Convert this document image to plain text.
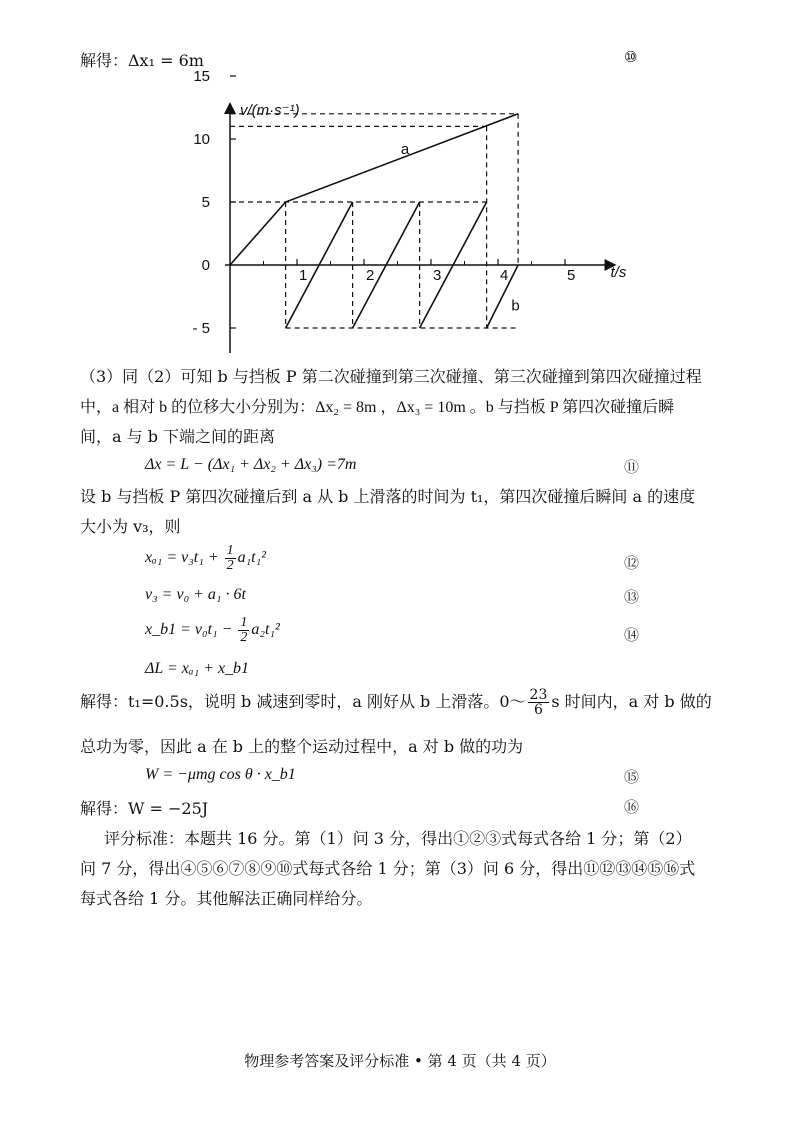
解得：Δx₁ = 6m	⑩
15
10
5
0
- 5
1	2	3	4	5
v/(m·s⁻¹)
t/s
a
b
（3）同（2）可知 b 与挡板 P 第二次碰撞到第三次碰撞、第三次碰撞到第四次碰撞过程
中，a 相对 b 的位移大小分别为：Δx₂ = 8m ，Δx₃ = 10m 。b 与挡板 P 第四次碰撞后瞬
间，a 与 b 下端之间的距离
Δx = L − (Δx₁ + Δx₂ + Δx₃) =7m	⑪
设 b 与挡板 P 第四次碰撞后到 a 从 b 上滑落的时间为 t₁，第四次碰撞后瞬间 a 的速度
大小为 v₃，则
$x_{a1} = v_3t_1 + \frac{1}{2} a_1t_1^2$	⑫
v₃ = v₀ + a₁ · 6t	⑬
x_b1 = $v_0t_1 - \frac{1}{2} a_2t_1^2$	⑭
ΔL = xₐ₁ + x_b1
解得：t₁=0.5s，说明 b 减速到零时，a 刚好从 b 上滑落。0～ $\frac{23}{6}$ s 时间内，a 对 b 做的
总功为零，因此 a 在 b 上的整个运动过程中，a 对 b 做的功为
W = −μmg cos θ · x_b1	⑮
解得：W = −25J	⑯
评分标准：本题共 16 分。第（1）问 3 分，得出①②③式每式各给 1 分；第（2）
问 7 分，得出④⑤⑥⑦⑧⑨⑩式每式各给 1 分；第（3）问 6 分，得出⑪⑫⑬⑭⑮⑯式
每式各给 1 分。其他解法正确同样给分。
物理参考答案及评分标准 • 第 4 页（共 4 页）
